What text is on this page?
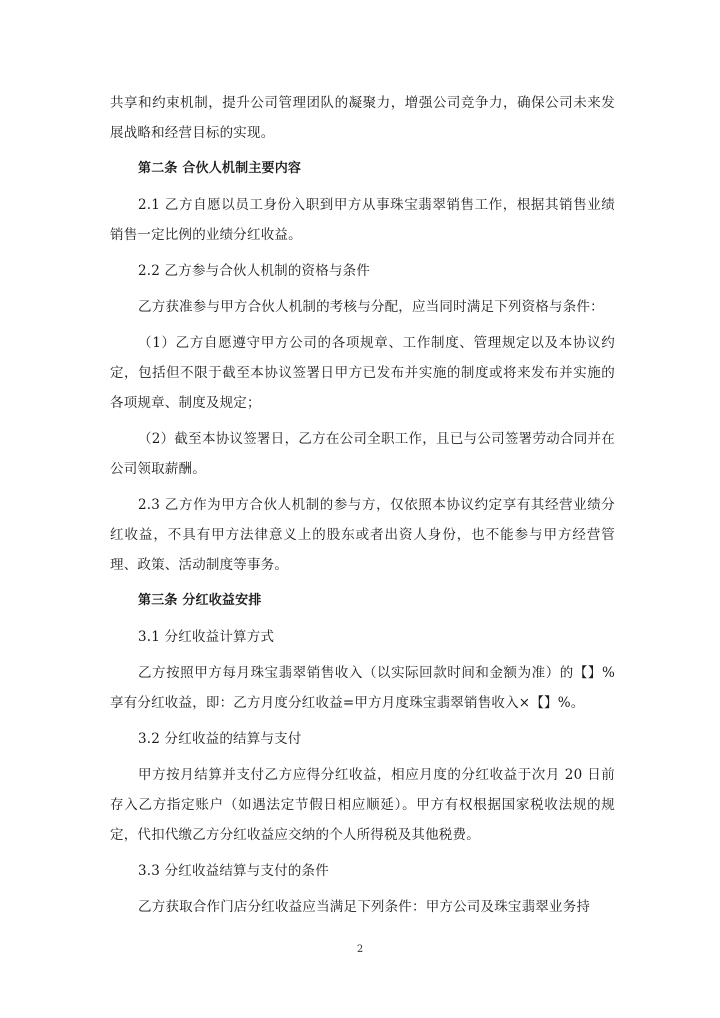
共享和约束机制，提升公司管理团队的凝聚力，增强公司竞争力，确保公司未来发展战略和经营目标的实现。

第二条 合伙人机制主要内容

2.1 乙方自愿以员工身份入职到甲方从事珠宝翡翠销售工作，根据其销售业绩销售一定比例的业绩分红收益。

2.2 乙方参与合伙人机制的资格与条件

乙方获准参与甲方合伙人机制的考核与分配，应当同时满足下列资格与条件：

（1）乙方自愿遵守甲方公司的各项规章、工作制度、管理规定以及本协议约定，包括但不限于截至本协议签署日甲方已发布并实施的制度或将来发布并实施的各项规章、制度及规定；

（2）截至本协议签署日，乙方在公司全职工作，且已与公司签署劳动合同并在公司领取薪酬。

2.3 乙方作为甲方合伙人机制的参与方，仅依照本协议约定享有其经营业绩分红收益，不具有甲方法律意义上的股东或者出资人身份，也不能参与甲方经营管理、政策、活动制度等事务。

第三条 分红收益安排

3.1 分红收益计算方式

乙方按照甲方每月珠宝翡翠销售收入（以实际回款时间和金额为准）的【】%享有分红收益，即：乙方月度分红收益=甲方月度珠宝翡翠销售收入×【】%。

3.2 分红收益的结算与支付

甲方按月结算并支付乙方应得分红收益，相应月度的分红收益于次月 20 日前存入乙方指定账户（如遇法定节假日相应顺延）。甲方有权根据国家税收法规的规定，代扣代缴乙方分红收益应交纳的个人所得税及其他税费。

3.3 分红收益结算与支付的条件

乙方获取合作门店分红收益应当满足下列条件：甲方公司及珠宝翡翠业务持

2
